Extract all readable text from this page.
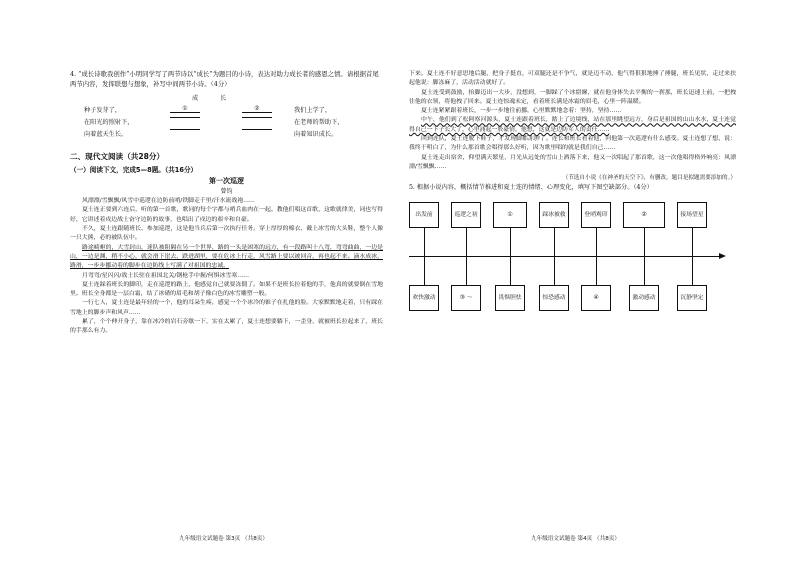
4. “成长诗歌我创作”小明同学写了两节诗以“成长”为题目的小诗，表达对助力成长者的感恩之情。请根据首尾两节内容，发挥联想与想象，补写中间两节小诗。（4分）

成 长
种子发芽了，	①	②	我们上学了，
在阳光的照射下，	在老师的帮助下，
向着蓝天生长。	向着知识成长。
二、现代文阅读（共28分）
（一）阅读下文，完成5—8题。（共16分）
第一次巡逻
曾钧

风漂漂/雪飘飘/风雪中巡逻在边防前哨/铁脚走千里/汗水流战袍……

夏士连正要到六连后，听的第一首歌，歌词的每个字都与哨兵血肉在一起。教他们唱这首歌，这歌就律美，词也写得好，它讲述着戍边战士奋守边防的故事，也唱出了戍边的艰辛和自豪。

不久，夏士连跟随班长、参加巡逻，这是他当兵后第一次执行任务。穿上厚厚的棉衣、戴上冰雪的大头鞋，整个人像一只大熊，必的被队伍中。

路途崎岖的，大雪封山，迷队被阻隔在另一个世界，路的一头是困寒的远方，有一段路叫十八弯，弯弯曲曲，一边是山，一边是渊，稍不小心，就会滑下崖去，跌进湖里，要在危冰上行走，风雪路上要以被回音，再也起不来。滴水成冰，路滑，一步步挪动着的脚步在边防线上写满了对祖国的忠诚。

月弯弯/星闪闪/战士长驻在祖国北关/钢枪手中握/何惧冰雪寒……

夏士连踩着班长的脚印，走在巡逻的路上，他感觉自己就要冻僵了。如果不是班长拉着他的手，他真的就要倒在雪地里。班长全身都是一层白霜，结了冰碴的眉毛和胡子像白色的冰雪雕塑一般。

一行七人，夏士连是最年轻的一个，他的耳朵生疼，感觉一个个冰冷的锥子在扎他的脸。大家默默地走着，只有踩在雪地上的脚步声和风声……

累了，个个伸开身子，靠在冰冷的岩石旁歇一下，实在太累了，夏士连想要躺下，一歪身，就被班长拉起来了，班长的手那么有力。

九年级语文试题卷 第3页 （共8页）

下来。夏士连不好意思地后腿，把身子挺直，可双腿还是不争气，就是迈不动，他气得狠狠地捶了捶腿，班长见状，走过来扶起他说：脚冻麻了，活动活动就好了。

夏士连受到鼓励，抬脚迈出一大步，没想到，一脚踩了个冰窟窿，就在他身体失去平衡的一刹那，班长迅速上前，一把拽住他的衣领，将他拽了回来。夏士连惊魂未定，看着班长满是冰霜的眉毛，心里一阵温暖。

夏士连紧紧跟着班长，一步一步地往前挪，心里默默地念着：坚持，坚持……

中午，他们到了松阿察河源头，夏士连跟着班长，踏上了边境线，站在那里眺望远方，身后是祖国的山山水水，夏士连觉得自己一下子长大了，心里涌起一股豪情，他想，这就是边防军人的责任……

回到连队，夏士连脱下鞋子，才发现脚都冻肿了。连长和班长看着他，问他第一次巡逻有什么感受。夏士连想了想，说：我终于明白了，为什么那首歌会唱得那么好听，因为歌里唱的就是我们自己……

夏士连走出宿舍，仰望满天繁星，月光从远处的雪山上洒落下来，他又一次唱起了那首歌，这一次他唱得格外响亮：风漂漂/雪飘飘……

（节选自小说《在神圣的天空下》，有删改，题目是拟题需要添加的。）

5. 根据小说内容，概括情节推进和夏士连的情绪、心理变化，填写下图空缺部分。（4分）

出发前	巡逻之初	①	踩冰被救	登哨观印	②	接场望星
欢快激动	③ ～	畏惧胆怯	惊恐感动	④	激动感动	沉静坚定
九年级语文试题卷 第4页 （共8页）
